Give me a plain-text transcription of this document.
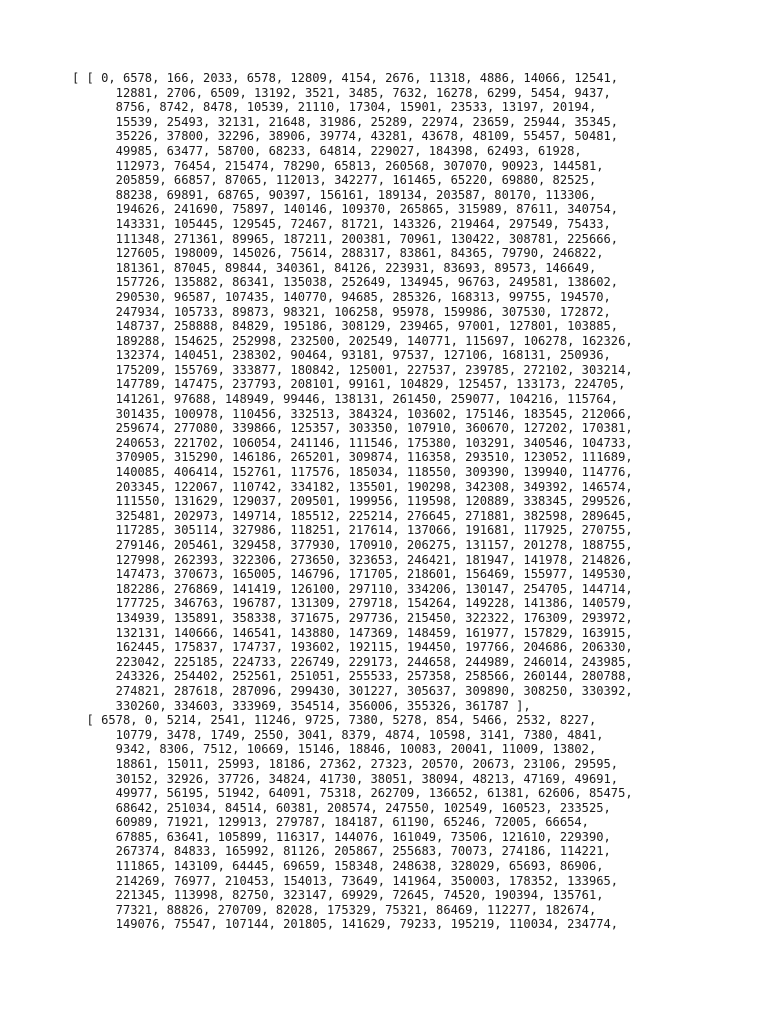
[ [ 0, 6578, 166, 2033, 6578, 12809, 4154, 2676, 11318, 4886, 14066, 12541,
12881, 2706, 6509, 13192, 3521, 3485, 7632, 16278, 6299, 5454, 9437,
8756, 8742, 8478, 10539, 21110, 17304, 15901, 23533, 13197, 20194,
15539, 25493, 32131, 21648, 31986, 25289, 22974, 23659, 25944, 35345,
35226, 37800, 32296, 38906, 39774, 43281, 43678, 48109, 55457, 50481,
49985, 63477, 58700, 68233, 64814, 229027, 184398, 62493, 61928,
112973, 76454, 215474, 78290, 65813, 260568, 307070, 90923, 144581,
205859, 66857, 87065, 112013, 342277, 161465, 65220, 69880, 82525,
88238, 69891, 68765, 90397, 156161, 189134, 203587, 80170, 113306,
194626, 241690, 75897, 140146, 109370, 265865, 315989, 87611, 340754,
143331, 105445, 129545, 72467, 81721, 143326, 219464, 297549, 75433,
111348, 271361, 89965, 187211, 200381, 70961, 130422, 308781, 225666,
127605, 198009, 145026, 75614, 288317, 83861, 84365, 79790, 246822,
181361, 87045, 89844, 340361, 84126, 223931, 83693, 89573, 146649,
157726, 135882, 86341, 135038, 252649, 134945, 96763, 249581, 138602,
290530, 96587, 107435, 140770, 94685, 285326, 168313, 99755, 194570,
247934, 105733, 89873, 98321, 106258, 95978, 159986, 307530, 172872,
148737, 258888, 84829, 195186, 308129, 239465, 97001, 127801, 103885,
189288, 154625, 252998, 232500, 202549, 140771, 115697, 106278, 162326,
132374, 140451, 238302, 90464, 93181, 97537, 127106, 168131, 250936,
175209, 155769, 333877, 180842, 125001, 227537, 239785, 272102, 303214,
147789, 147475, 237793, 208101, 99161, 104829, 125457, 133173, 224705,
141261, 97688, 148949, 99446, 138131, 261450, 259077, 104216, 115764,
301435, 100978, 110456, 332513, 384324, 103602, 175146, 183545, 212066,
259674, 277080, 339866, 125357, 303350, 107910, 360670, 127202, 170381,
240653, 221702, 106054, 241146, 111546, 175380, 103291, 340546, 104733,
370905, 315290, 146186, 265201, 309874, 116358, 293510, 123052, 111689,
140085, 406414, 152761, 117576, 185034, 118550, 309390, 139940, 114776,
203345, 122067, 110742, 334182, 135501, 190298, 342308, 349392, 146574,
111550, 131629, 129037, 209501, 199956, 119598, 120889, 338345, 299526,
325481, 202973, 149714, 185512, 225214, 276645, 271881, 382598, 289645,
117285, 305114, 327986, 118251, 217614, 137066, 191681, 117925, 270755,
279146, 205461, 329458, 377930, 170910, 206275, 131157, 201278, 188755,
127998, 262393, 322306, 273650, 323653, 246421, 181947, 141978, 214826,
147473, 370673, 165005, 146796, 171705, 218601, 156469, 155977, 149530,
182286, 276869, 141419, 126100, 297110, 334206, 130147, 254705, 144714,
177725, 346763, 196787, 131309, 279718, 154264, 149228, 141386, 140579,
134939, 135891, 358338, 371675, 297736, 215450, 322322, 176309, 293972,
132131, 140666, 146541, 143880, 147369, 148459, 161977, 157829, 163915,
162445, 175837, 174737, 193602, 192115, 194450, 197766, 204686, 206330,
223042, 225185, 224733, 226749, 229173, 244658, 244989, 246014, 243985,
243326, 254402, 252561, 251051, 255533, 257358, 258566, 260144, 280788,
274821, 287618, 287096, 299430, 301227, 305637, 309890, 308250, 330392,
330260, 334603, 333969, 354514, 356006, 355326, 361787 ],
[ 6578, 0, 5214, 2541, 11246, 9725, 7380, 5278, 854, 5466, 2532, 8227,
10779, 3478, 1749, 2550, 3041, 8379, 4874, 10598, 3141, 7380, 4841,
9342, 8306, 7512, 10669, 15146, 18846, 10083, 20041, 11009, 13802,
18861, 15011, 25993, 18186, 27362, 27323, 20570, 20673, 23106, 29595,
30152, 32926, 37726, 34824, 41730, 38051, 38094, 48213, 47169, 49691,
49977, 56195, 51942, 64091, 75318, 262709, 136652, 61381, 62606, 85475,
68642, 251034, 84514, 60381, 208574, 247550, 102549, 160523, 233525,
60989, 71921, 129913, 279787, 184187, 61190, 65246, 72005, 66654,
67885, 63641, 105899, 116317, 144076, 161049, 73506, 121610, 229390,
267374, 84833, 165992, 81126, 205867, 255683, 70073, 274186, 114221,
111865, 143109, 64445, 69659, 158348, 248638, 328029, 65693, 86906,
214269, 76977, 210453, 154013, 73649, 141964, 350003, 178352, 133965,
221345, 113998, 82750, 323147, 69929, 72645, 74520, 190394, 135761,
77321, 88826, 270709, 82028, 175329, 75321, 86469, 112277, 182674,
149076, 75547, 107144, 201805, 141629, 79233, 195219, 110034, 234774,
